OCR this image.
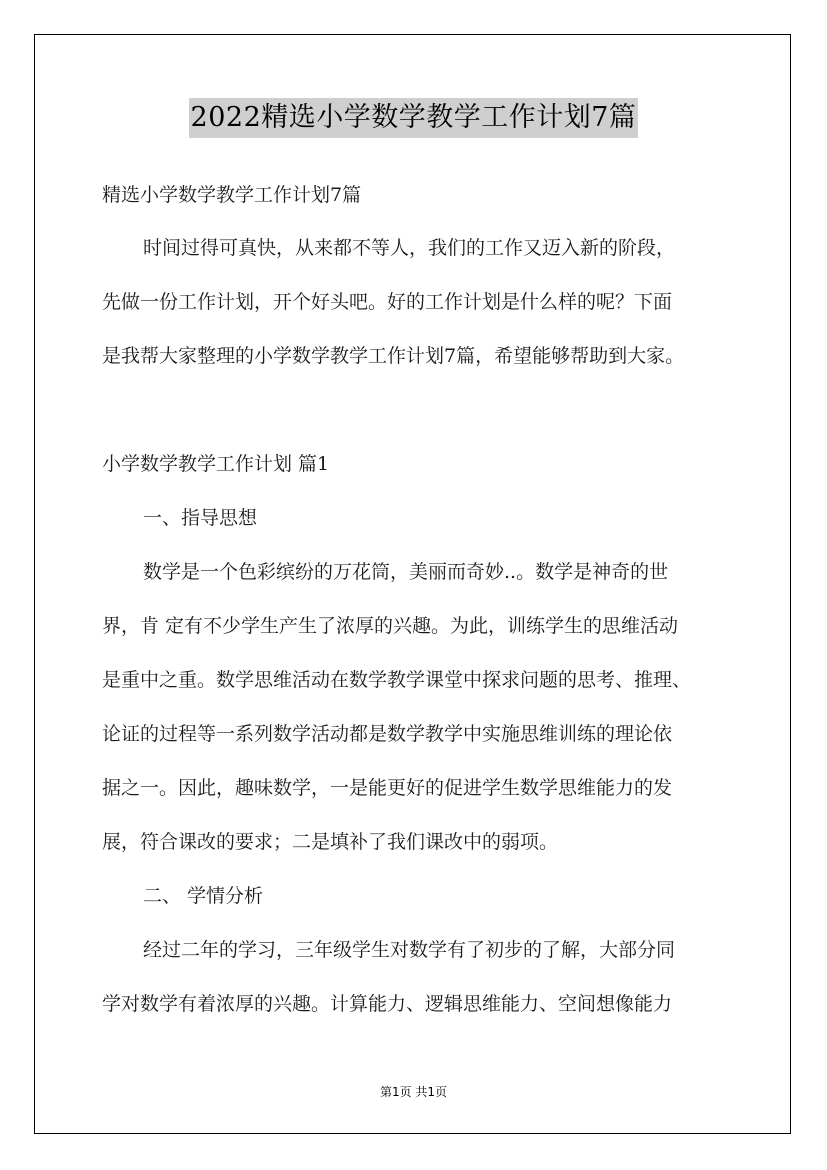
2022精选小学数学教学工作计划7篇
精选小学数学教学工作计划7篇
时间过得可真快，从来都不等人，我们的工作又迈入新的阶段，
先做一份工作计划，开个好头吧。好的工作计划是什么样的呢？下面
是我帮大家整理的小学数学教学工作计划7篇，希望能够帮助到大家。
小学数学教学工作计划 篇1
一、指导思想
数学是一个色彩缤纷的万花筒，美丽而奇妙..。数学是神奇的世
界，肯 定有不少学生产生了浓厚的兴趣。为此，训练学生的思维活动
是重中之重。数学思维活动在数学教学课堂中探求问题的思考、推理、
论证的过程等一系列数学活动都是数学教学中实施思维训练的理论依
据之一。因此，趣味数学，一是能更好的促进学生数学思维能力的发
展，符合课改的要求；二是填补了我们课改中的弱项。
二、 学情分析
经过二年的学习，三年级学生对数学有了初步的了解，大部分同
学对数学有着浓厚的兴趣。计算能力、逻辑思维能力、空间想像能力
第1页 共1页
